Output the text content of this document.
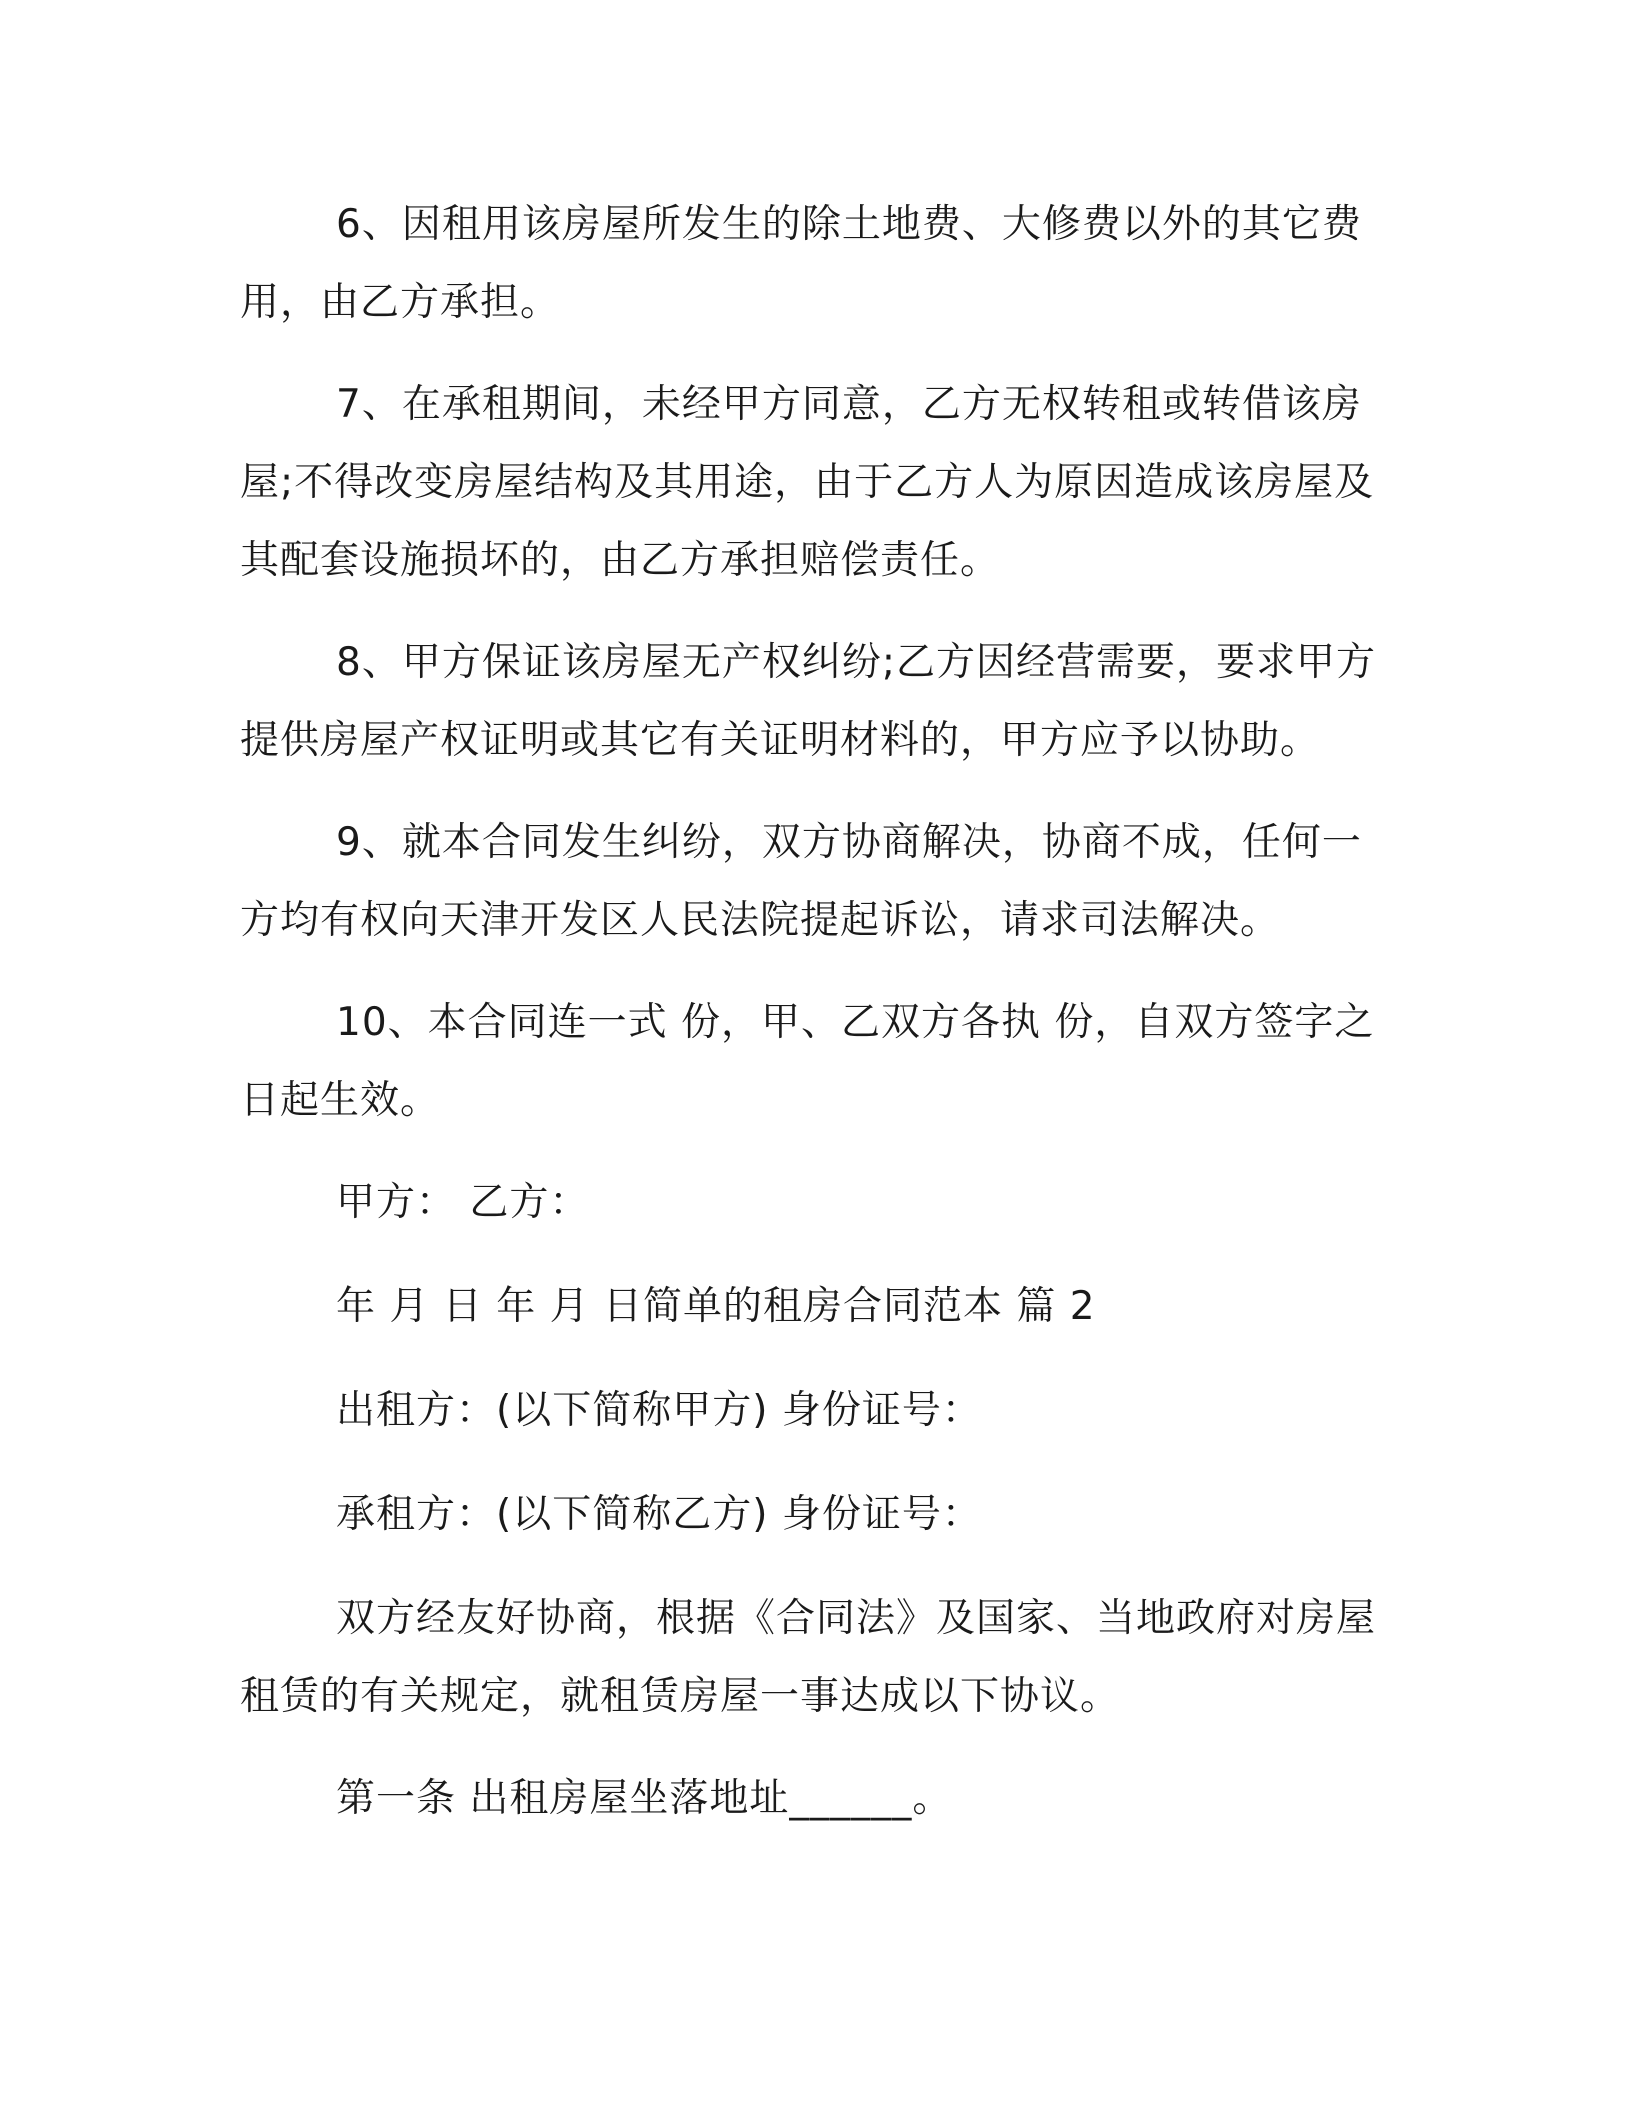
6、因租用该房屋所发生的除土地费、大修费以外的其它费用，由乙方承担。

7、在承租期间，未经甲方同意，乙方无权转租或转借该房屋;不得改变房屋结构及其用途，由于乙方人为原因造成该房屋及其配套设施损坏的，由乙方承担赔偿责任。

8、甲方保证该房屋无产权纠纷;乙方因经营需要，要求甲方提供房屋产权证明或其它有关证明材料的，甲方应予以协助。

9、就本合同发生纠纷，双方协商解决，协商不成，任何一方均有权向天津开发区人民法院提起诉讼，请求司法解决。

10、本合同连一式 份，甲、乙双方各执 份，自双方签字之日起生效。

甲方： 乙方：

年 月 日 年 月 日简单的租房合同范本 篇 2

出租方：(以下简称甲方) 身份证号：

承租方：(以下简称乙方) 身份证号：

双方经友好协商，根据《合同法》及国家、当地政府对房屋租赁的有关规定，就租赁房屋一事达成以下协议。

第一条 出租房屋坐落地址______。
